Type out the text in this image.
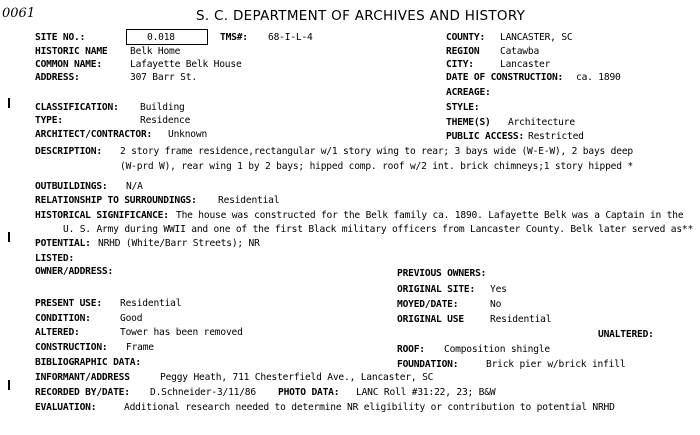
0061	S. C. DEPARTMENT OF ARCHIVES AND HISTORY
SITE NO.:	0.018	TMS#: 68-I-L-4	COUNTY: LANCASTER, SC
HISTORIC NAME Belk Home	REGION Catawba
COMMON NAME:	Lafayette Belk House	CITY:	Lancaster
ADDRESS:	307 Barr St.	DATE OF CONSTRUCTION: ca. 1890
ACREAGE:
CLASSIFICATION: Building	STYLE:
TYPE:	Residence	THEME(S) Architecture
ARCHITECT/CONTRACTOR: Unknown	PUBLIC ACCESS: Restricted
DESCRIPTION: 2 story frame residence,rectangular w/1 story wing to rear; 3 bays wide (W-E-W), 2 bays deep
(W-prd W), rear wing 1 by 2 bays; hipped comp. roof w/2 int. brick chimneys;1 story hipped *
OUTBUILDINGS: N/A
RELATIONSHIP TO SURROUNDINGS: Residential
HISTORICAL SIGNIFICANCE: The house was constructed for the Belk family ca. 1890. Lafayette Belk was a Captain in the
U. S. Army during WWII and one of the first Black military officers from Lancaster County. Belk later served as**
POTENTIAL: NRHD (White/Barr Streets); NR
LISTED:
OWNER/ADDRESS:	PREVIOUS OWNERS:
ORIGINAL SITE: Yes
PRESENT USE: Residential	MOYED/DATE:	No
CONDITION:	Good	ORIGINAL USE	Residential
ALTERED:	Tower has been removed	UNALTERED:
CONSTRUCTION: Frame	ROOF: Composition shingle
BIBLIOGRAPHIC DATA:	FOUNDATION:	Brick pier w/brick infill
INFORMANT/ADDRESS	Peggy Heath, 711 Chesterfield Ave., Lancaster, SC
RECORDED BY/DATE: D.Schneider-3/11/86 PHOTO DATA: LANC Roll #31:22, 23; B&W
EVALUATION:	Additional research needed to determine NR eligibility or contribution to potential NRHD
